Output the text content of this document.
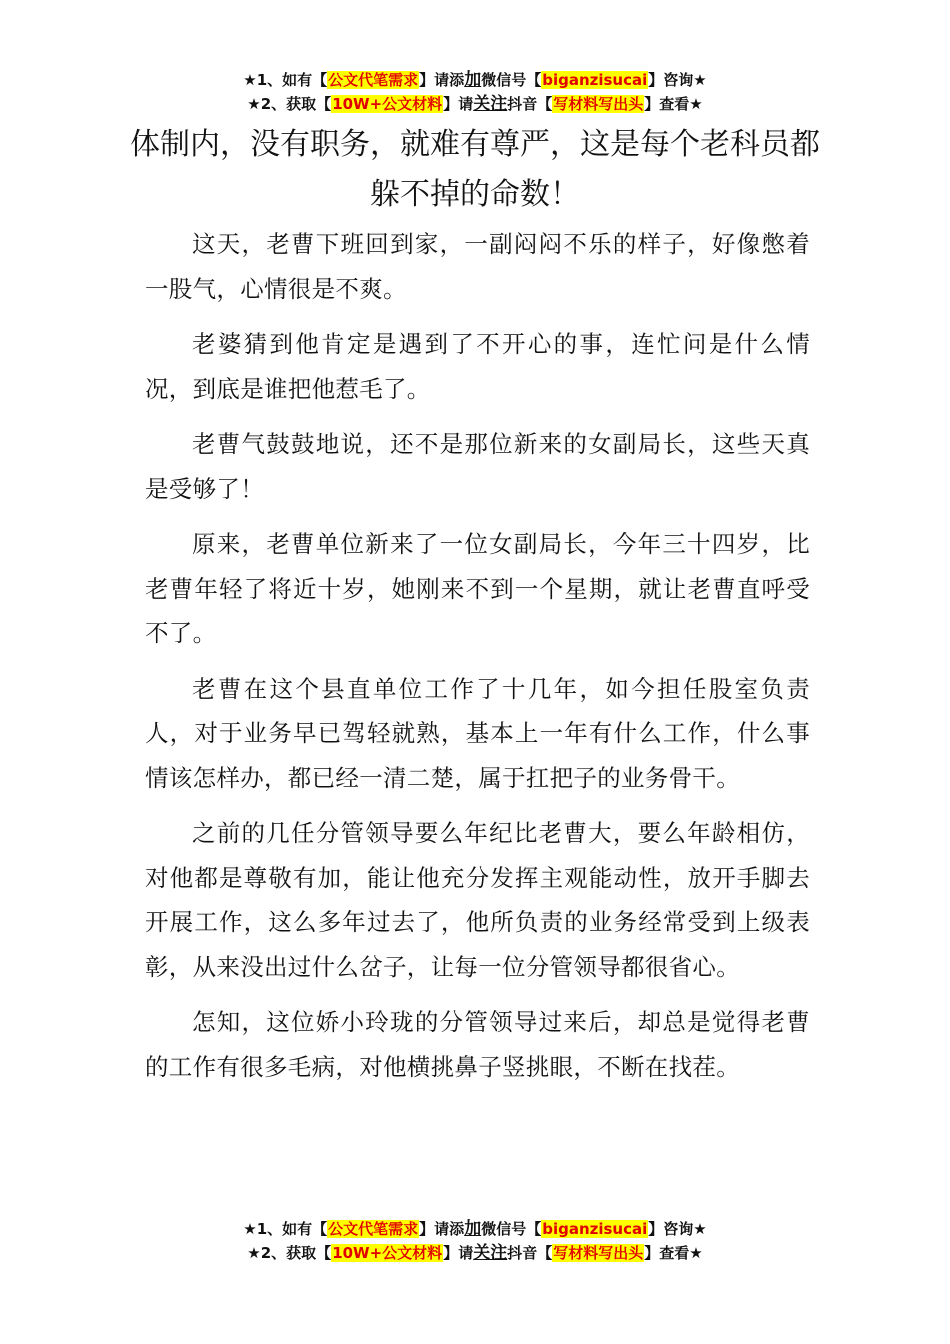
★1、如有【公文代笔需求】请添加微信号【biganzisucai】咨询★
★2、获取【10W+公文材料】请关注抖音【写材料写出头】查看★
体制内，没有职务，就难有尊严，这是每个老科员都躲不掉的命数！

这天，老曹下班回到家，一副闷闷不乐的样子，好像憋着一股气，心情很是不爽。

老婆猜到他肯定是遇到了不开心的事，连忙问是什么情况，到底是谁把他惹毛了。

老曹气鼓鼓地说，还不是那位新来的女副局长，这些天真是受够了！

原来，老曹单位新来了一位女副局长，今年三十四岁，比老曹年轻了将近十岁，她刚来不到一个星期，就让老曹直呼受不了。

老曹在这个县直单位工作了十几年，如今担任股室负责人，对于业务早已驾轻就熟，基本上一年有什么工作，什么事情该怎样办，都已经一清二楚，属于扛把子的业务骨干。

之前的几任分管领导要么年纪比老曹大，要么年龄相仿，对他都是尊敬有加，能让他充分发挥主观能动性，放开手脚去开展工作，这么多年过去了，他所负责的业务经常受到上级表彰，从来没出过什么岔子，让每一位分管领导都很省心。

怎知，这位娇小玲珑的分管领导过来后，却总是觉得老曹的工作有很多毛病，对他横挑鼻子竖挑眼，不断在找茬。

★1、如有【公文代笔需求】请添加微信号【biganzisucai】咨询★
★2、获取【10W+公文材料】请关注抖音【写材料写出头】查看★
